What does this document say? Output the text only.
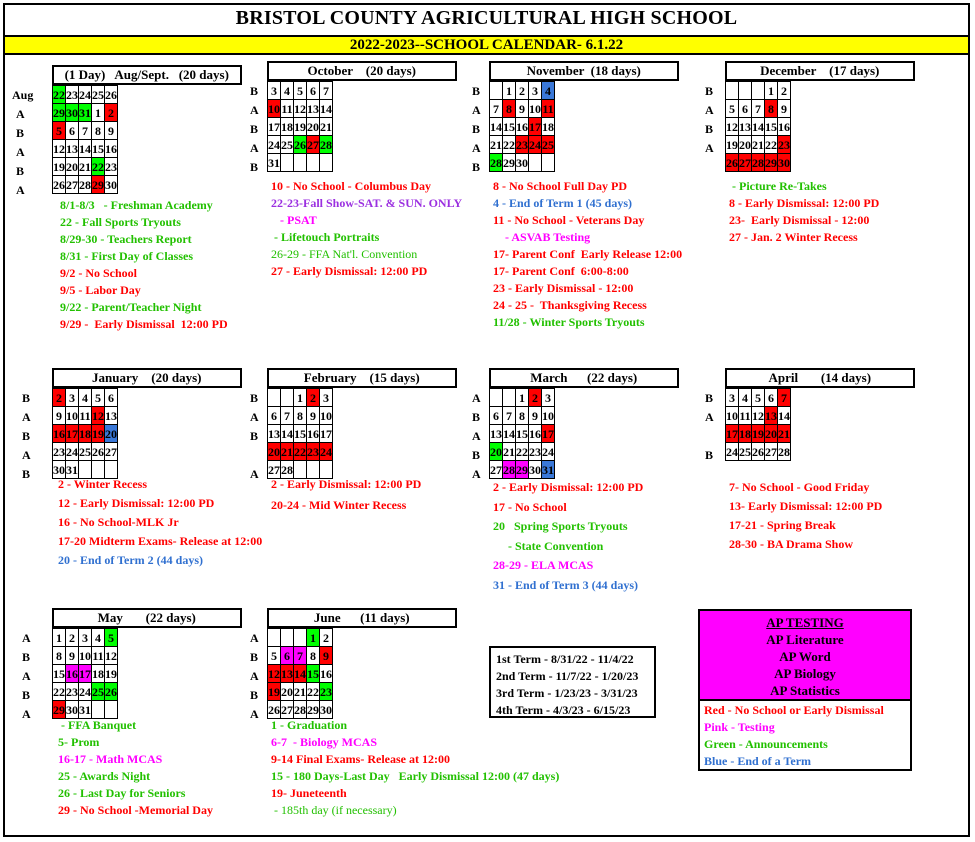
BRISTOL COUNTY AGRICULTURAL HIGH SCHOOL
2022-2023--SCHOOL CALENDAR- 6.1.22
(1 Day)   Aug/Sept.   (20 days)
22	23	24	25	26
29	30	31	1	2
5	6	7	8	9
12	13	14	15	16
19	20	21	22	23
26	27	28	29	30
Aug
A
B
A
B
A
8/1-8/3   - Freshman Academy
22 - Fall Sports Tryouts
8/29-30 - Teachers Report
8/31 - First Day of Classes
9/2 - No School
9/5 - Labor Day
9/22 - Parent/Teacher Night
9/29 -  Early Dismissal  12:00 PD
October    (20 days)
3	4	5	6	7
10	11	12	13	14
17	18	19	20	21
24	25	26	27	28
31				
B
A
B
A
B
10 - No School - Columbus Day
22-23-Fall Show-SAT. & SUN. ONLY
- PSAT
- Lifetouch Portraits
26-29 - FFA Nat'l. Convention
27 - Early Dismissal: 12:00 PD
November  (18 days)
	1	2	3	4
7	8	9	10	11
14	15	16	17	18
21	22	23	24	25
28	29	30		
B
A
B
A
B
8 - No School Full Day PD
4 - End of Term 1 (45 days)
11 - No School - Veterans Day
- ASVAB Testing
17- Parent Conf  Early Release 12:00
17- Parent Conf  6:00-8:00
23 - Early Dismissal - 12:00
24 - 25 -  Thanksgiving Recess
11/28 - Winter Sports Tryouts
December    (17 days)
			1	2
5	6	7	8	9
12	13	14	15	16
19	20	21	22	23
26	27	28	29	30
B
A
B
A
- Picture Re-Takes
8 - Early Dismissal: 12:00 PD
23-  Early Dismissal - 12:00
27 - Jan. 2 Winter Recess
January    (20 days)
2	3	4	5	6
9	10	11	12	13
16	17	18	19	20
23	24	25	26	27
30	31			
B
A
B
A
B
2 - Winter Recess
12 - Early Dismissal: 12:00 PD
16 - No School-MLK Jr
17-20 Midterm Exams- Release at 12:00
20 - End of Term 2 (44 days)
February    (15 days)
		1	2	3
6	7	8	9	10
13	14	15	16	17
20	21	22	23	24
27	28			
B
A
B
A
2 - Early Dismissal: 12:00 PD
20-24 - Mid Winter Recess
March      (22 days)
		1	2	3
6	7	8	9	10
13	14	15	16	17
20	21	22	23	24
27	28	29	30	31
A
B
A
B
A
2 - Early Dismissal: 12:00 PD
17 - No School
20   Spring Sports Tryouts
- State Convention
28-29 - ELA MCAS
31 - End of Term 3 (44 days)
April       (14 days)
3	4	5	6	7
10	11	12	13	14
17	18	19	20	21
24	25	26	27	28
B
A
B
7- No School - Good Friday
13- Early Dismissal: 12:00 PD
17-21 - Spring Break
28-30 - BA Drama Show
May       (22 days)
1	2	3	4	5
8	9	10	11	12
15	16	17	18	19
22	23	24	25	26
29	30	31		
A
B
A
B
A
- FFA Banquet
5- Prom
16-17 - Math MCAS
25 - Awards Night
26 - Last Day for Seniors
29 - No School -Memorial Day
June      (11 days)
			1	2
5	6	7	8	9
12	13	14	15	16
19	20	21	22	23
26	27	28	29	30
A
B
A
B
A
1 - Graduation
6-7  - Biology MCAS
9-14 Final Exams- Release at 12:00
15 - 180 Days-Last Day   Early Dismissal 12:00 (47 days)
19- Juneteenth
- 185th day (if necessary)
1st Term - 8/31/22 - 11/4/22
2nd Term - 11/7/22 - 1/20/23
3rd Term - 1/23/23 - 3/31/23
4th Term - 4/3/23 - 6/15/23
AP TESTING
AP Literature
AP Word
AP Biology
AP Statistics
Red - No School or Early Dismissal
Pink - Testing
Green - Announcements
Blue - End of a Term
